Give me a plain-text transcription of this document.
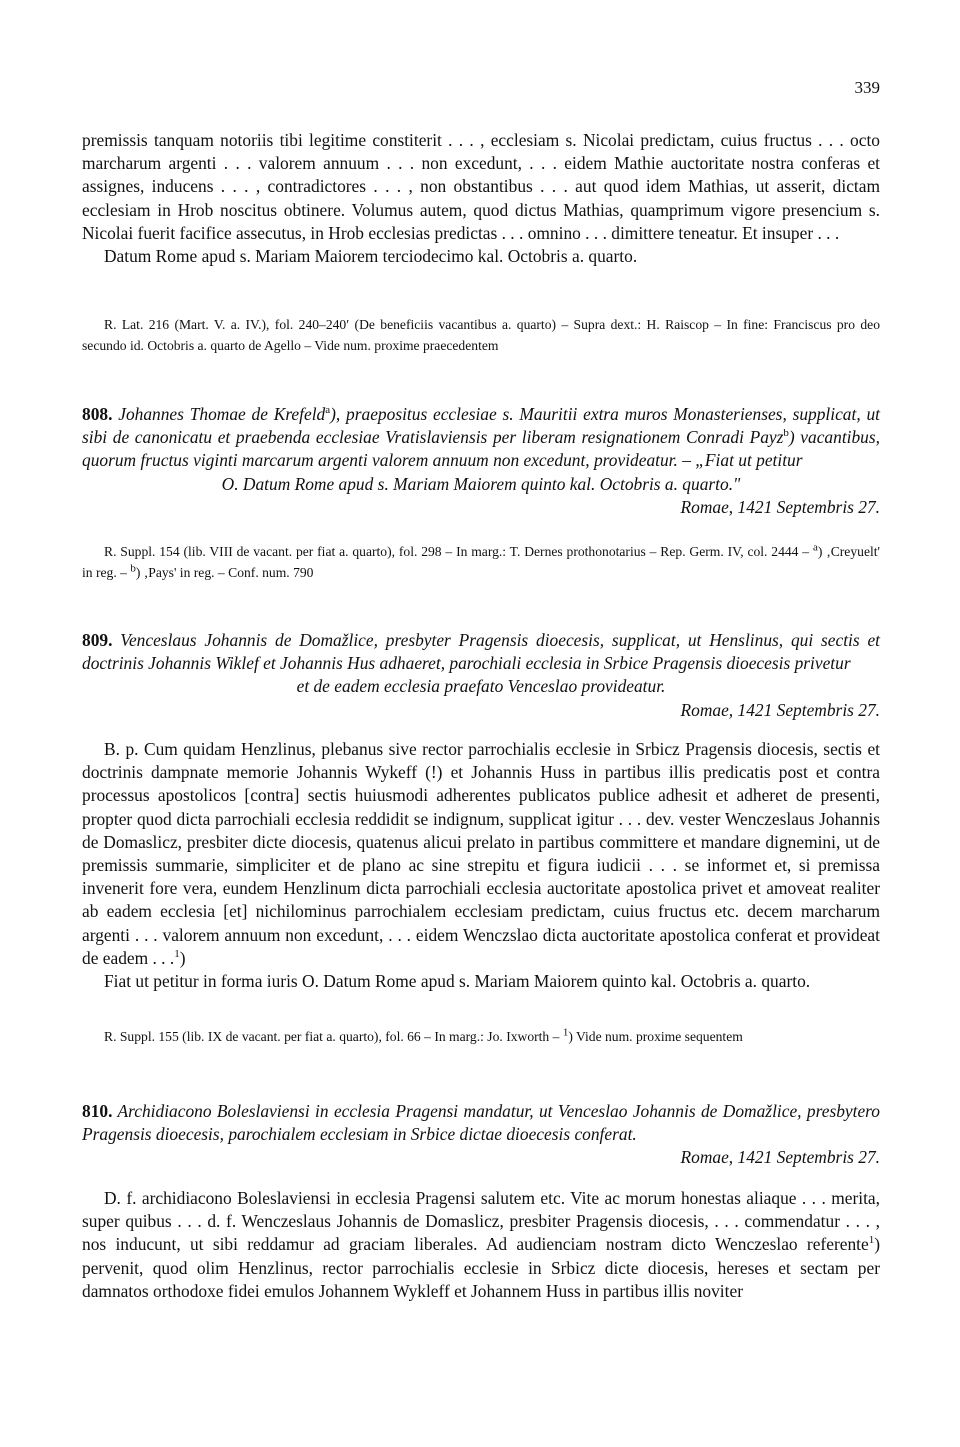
339

premissis tanquam notoriis tibi legitime constiterit . . . , ecclesiam s. Nicolai predictam, cuius fructus . . . octo marcharum argenti . . . valorem annuum . . . non excedunt, . . . eidem Mathie auctoritate nostra conferas et assignes, inducens . . . , contradictores . . . , non obstantibus . . . aut quod idem Mathias, ut asserit, dictam ecclesiam in Hrob noscitus obtinere. Volumus autem, quod dictus Mathias, quamprimum vigore presencium s. Nicolai fuerit facifice assecutus, in Hrob ecclesias predictas . . . omnino . . . dimittere teneatur. Et insuper . . .

Datum Rome apud s. Mariam Maiorem terciodecimo kal. Octobris a. quarto.

R. Lat. 216 (Mart. V. a. IV.), fol. 240–240′ (De beneficiis vacantibus a. quarto) – Supra dext.: H. Raiscop – In fine: Franciscus pro deo secundo id. Octobris a. quarto de Agello – Vide num. proxime praecedentem

808. Johannes Thomae de Krefeld$^a$), praepositus ecclesiae s. Mauritii extra muros Monasterienses, supplicat, ut sibi de canonicatu et praebenda ecclesiae Vratislaviensis per liberam resignationem Conradi Payz$^b$) vacantibus, quorum fructus viginti marcarum argenti valorem annuum non excedunt, provideatur. – „Fiat ut petitur
O. Datum Rome apud s. Mariam Maiorem quinto kal. Octobris a. quarto."

Romae, 1421 Septembris 27.

R. Suppl. 154 (lib. VIII de vacant. per fiat a. quarto), fol. 298 – In marg.: T. Dernes prothonotarius – Rep. Germ. IV, col. 2444 – $^a$) ‚Creyuelt' in reg. – $^b$) ‚Pays' in reg. – Conf. num. 790

809. Venceslaus Johannis de Domažlice, presbyter Pragensis dioecesis, supplicat, ut Henslinus, qui sectis et doctrinis Johannis Wiklef et Johannis Hus adhaeret, parochiali ecclesia in Srbice Pragensis dioecesis privetur
et de eadem ecclesia praefato Venceslao provideatur.

Romae, 1421 Septembris 27.

B. p. Cum quidam Henzlinus, plebanus sive rector parrochialis ecclesie in Srbicz Pragensis diocesis, sectis et doctrinis dampnate memorie Johannis Wykeff (!) et Johannis Huss in partibus illis predicatis post et contra processus apostolicos [contra] sectis huiusmodi adherentes publicatos publice adhesit et adheret de presenti, propter quod dicta parrochiali ecclesia reddidit se indignum, supplicat igitur . . . dev. vester Wenczeslaus Johannis de Domaslicz, presbiter dicte diocesis, quatenus alicui prelato in partibus committere et mandare dignemini, ut de premissis summarie, simpliciter et de plano ac sine strepitu et figura iudicii . . . se informet et, si premissa invenerit fore vera, eundem Henzlinum dicta parrochiali ecclesia auctoritate apostolica privet et amoveat realiter ab eadem ecclesia [et] nichilominus parrochialem ecclesiam predictam, cuius fructus etc. decem marcharum argenti . . . valorem annuum non excedunt, . . . eidem Wenczslao dicta auctoritate apostolica conferat et provideat de eadem . . .$^1$)

Fiat ut petitur in forma iuris O. Datum Rome apud s. Mariam Maiorem quinto kal. Octobris a. quarto.

R. Suppl. 155 (lib. IX de vacant. per fiat a. quarto), fol. 66 – In marg.: Jo. Ixworth – $^1$) Vide num. proxime sequentem

810. Archidiacono Boleslaviensi in ecclesia Pragensi mandatur, ut Venceslao Johannis de Domažlice, presbytero Pragensis dioecesis, parochialem ecclesiam in Srbice dictae dioecesis conferat.

Romae, 1421 Septembris 27.

D. f. archidiacono Boleslaviensi in ecclesia Pragensi salutem etc. Vite ac morum honestas aliaque . . . merita, super quibus . . . d. f. Wenczeslaus Johannis de Domaslicz, presbiter Pragensis diocesis, . . . commendatur . . . , nos inducunt, ut sibi reddamur ad graciam liberales. Ad audienciam nostram dicto Wenczeslao referente$^1$) pervenit, quod olim Henzlinus, rector parrochialis ecclesie in Srbicz dicte diocesis, hereses et sectam per damnatos orthodoxe fidei emulos Johannem Wykleff et Johannem Huss in partibus illis noviter
